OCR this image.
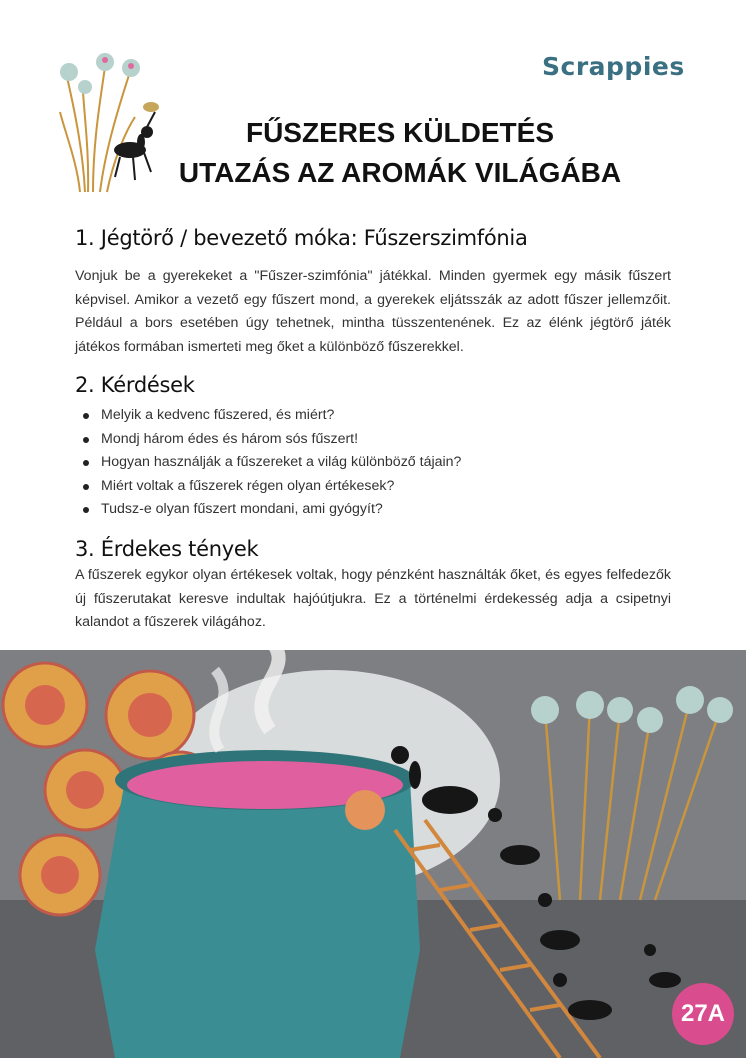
Scrappies
FŰSZERES KÜLDETÉS
UTAZÁS AZ AROMÁK VILÁGÁBA
1. Jégtörő / bevezető móka: Fűszerszimfónia

Vonjuk be a gyerekeket a "Fűszer-szimfónia" játékkal. Minden gyermek egy másik fűszert képvisel. Amikor a vezető egy fűszert mond, a gyerekek eljátsszák az adott fűszer jellemzőit. Például a bors esetében úgy tehetnek, mintha tüsszentenének. Ez az élénk jégtörő játék játékos formában ismerteti meg őket a különböző fűszerekkel.

2. Kérdések
Melyik a kedvenc fűszered, és miért?
Mondj három édes és három sós fűszert!
Hogyan használják a fűszereket a világ különböző tájain?
Miért voltak a fűszerek régen olyan értékesek?
Tudsz-e olyan fűszert mondani, ami gyógyít?
3. Érdekes tények

A fűszerek egykor olyan értékesek voltak, hogy pénzként használták őket, és egyes felfedezők új fűszerutakat keresve indultak hajóútjukra. Ez a történelmi érdekesség adja a csipetnyi kalandot a fűszerek világához.

27A
